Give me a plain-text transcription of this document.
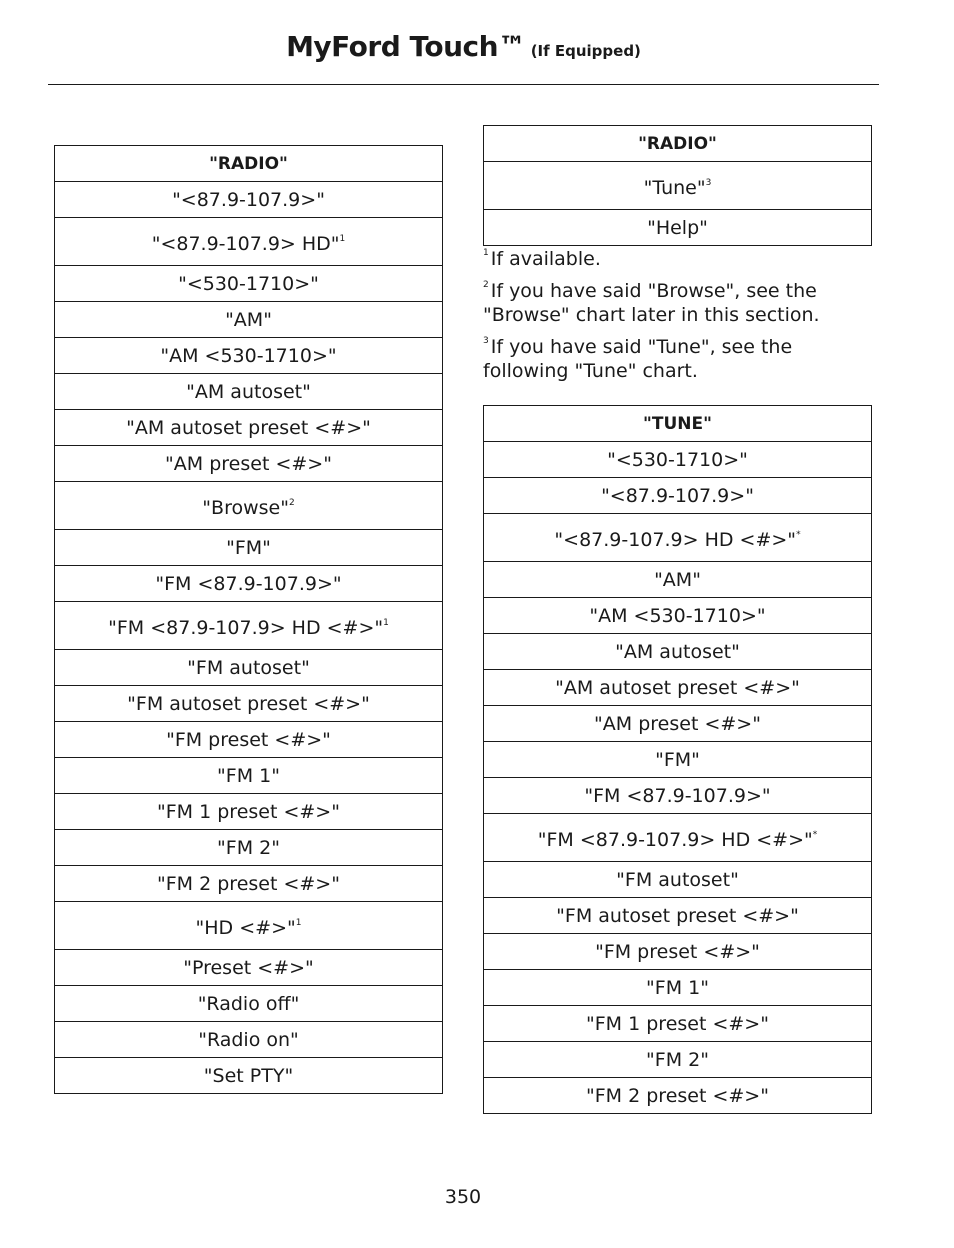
MyFord Touch™ (If Equipped)
"RADIO"
"<87.9-107.9>"
"<87.9-107.9> HD"$^1$
"<530-1710>"
"AM"
"AM <530-1710>"
"AM autoset"
"AM autoset preset <#>"
"AM preset <#>"
"Browse"$^2$
"FM"
"FM <87.9-107.9>"
"FM <87.9-107.9> HD <#>"$^1$
"FM autoset"
"FM autoset preset <#>"
"FM preset <#>"
"FM 1"
"FM 1 preset <#>"
"FM 2"
"FM 2 preset <#>"
"HD <#>"$^1$
"Preset <#>"
"Radio off"
"Radio on"
"Set PTY"
"RADIO"
"Tune"$^3$
"Help"

$^1$ If available.

$^2$ If you have said "Browse", see the "Browse" chart later in this section.

$^3$ If you have said "Tune", see the following "Tune" chart.

"TUNE"
"<530-1710>"
"<87.9-107.9>"
"<87.9-107.9> HD <#>"*
"AM"
"AM <530-1710>"
"AM autoset"
"AM autoset preset <#>"
"AM preset <#>"
"FM"
"FM <87.9-107.9>"
"FM <87.9-107.9> HD <#>"*
"FM autoset"
"FM autoset preset <#>"
"FM preset <#>"
"FM 1"
"FM 1 preset <#>"
"FM 2"
"FM 2 preset <#>"
350
